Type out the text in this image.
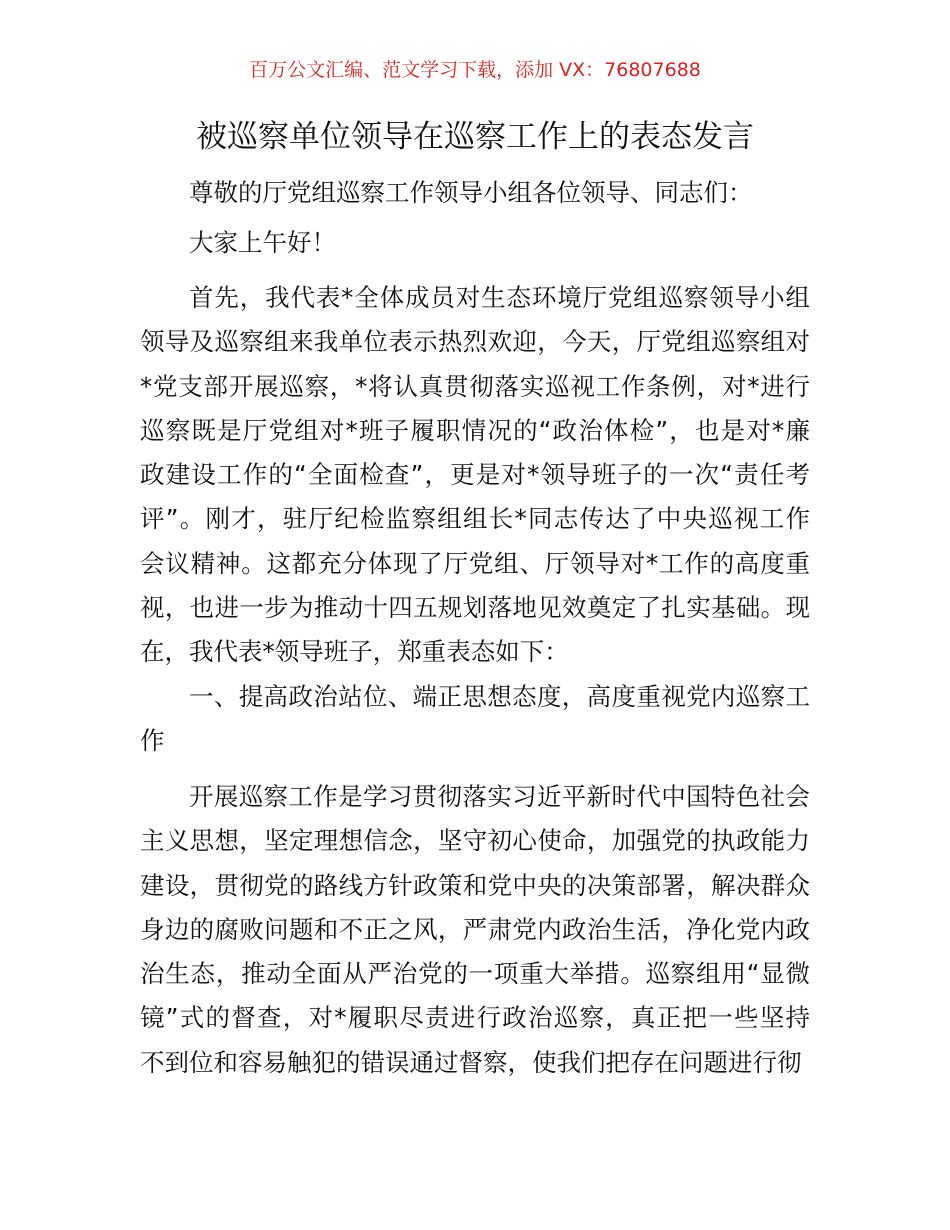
百万公文汇编、范文学习下载，添加 VX：76807688
被巡察单位领导在巡察工作上的表态发言
尊敬的厅党组巡察工作领导小组各位领导、同志们：
大家上午好！
首先，我代表*全体成员对生态环境厅党组巡察领导小组
领导及巡察组来我单位表示热烈欢迎，今天，厅党组巡察组对
*党支部开展巡察，*将认真贯彻落实巡视工作条例，对*进行
巡察既是厅党组对*班子履职情况的“政治体检”，也是对*廉
政建设工作的“全面检查”，更是对*领导班子的一次“责任考
评”。刚才，驻厅纪检监察组组长*同志传达了中央巡视工作
会议精神。这都充分体现了厅党组、厅领导对*工作的高度重
视，也进一步为推动十四五规划落地见效奠定了扎实基础。现
在，我代表*领导班子，郑重表态如下：
一、提高政治站位、端正思想态度，高度重视党内巡察工
作
开展巡察工作是学习贯彻落实习近平新时代中国特色社会
主义思想，坚定理想信念，坚守初心使命，加强党的执政能力
建设，贯彻党的路线方针政策和党中央的决策部署，解决群众
身边的腐败问题和不正之风，严肃党内政治生活，净化党内政
治生态，推动全面从严治党的一项重大举措。巡察组用“显微
镜”式的督查，对*履职尽责进行政治巡察，真正把一些坚持
不到位和容易触犯的错误通过督察，使我们把存在问题进行彻
